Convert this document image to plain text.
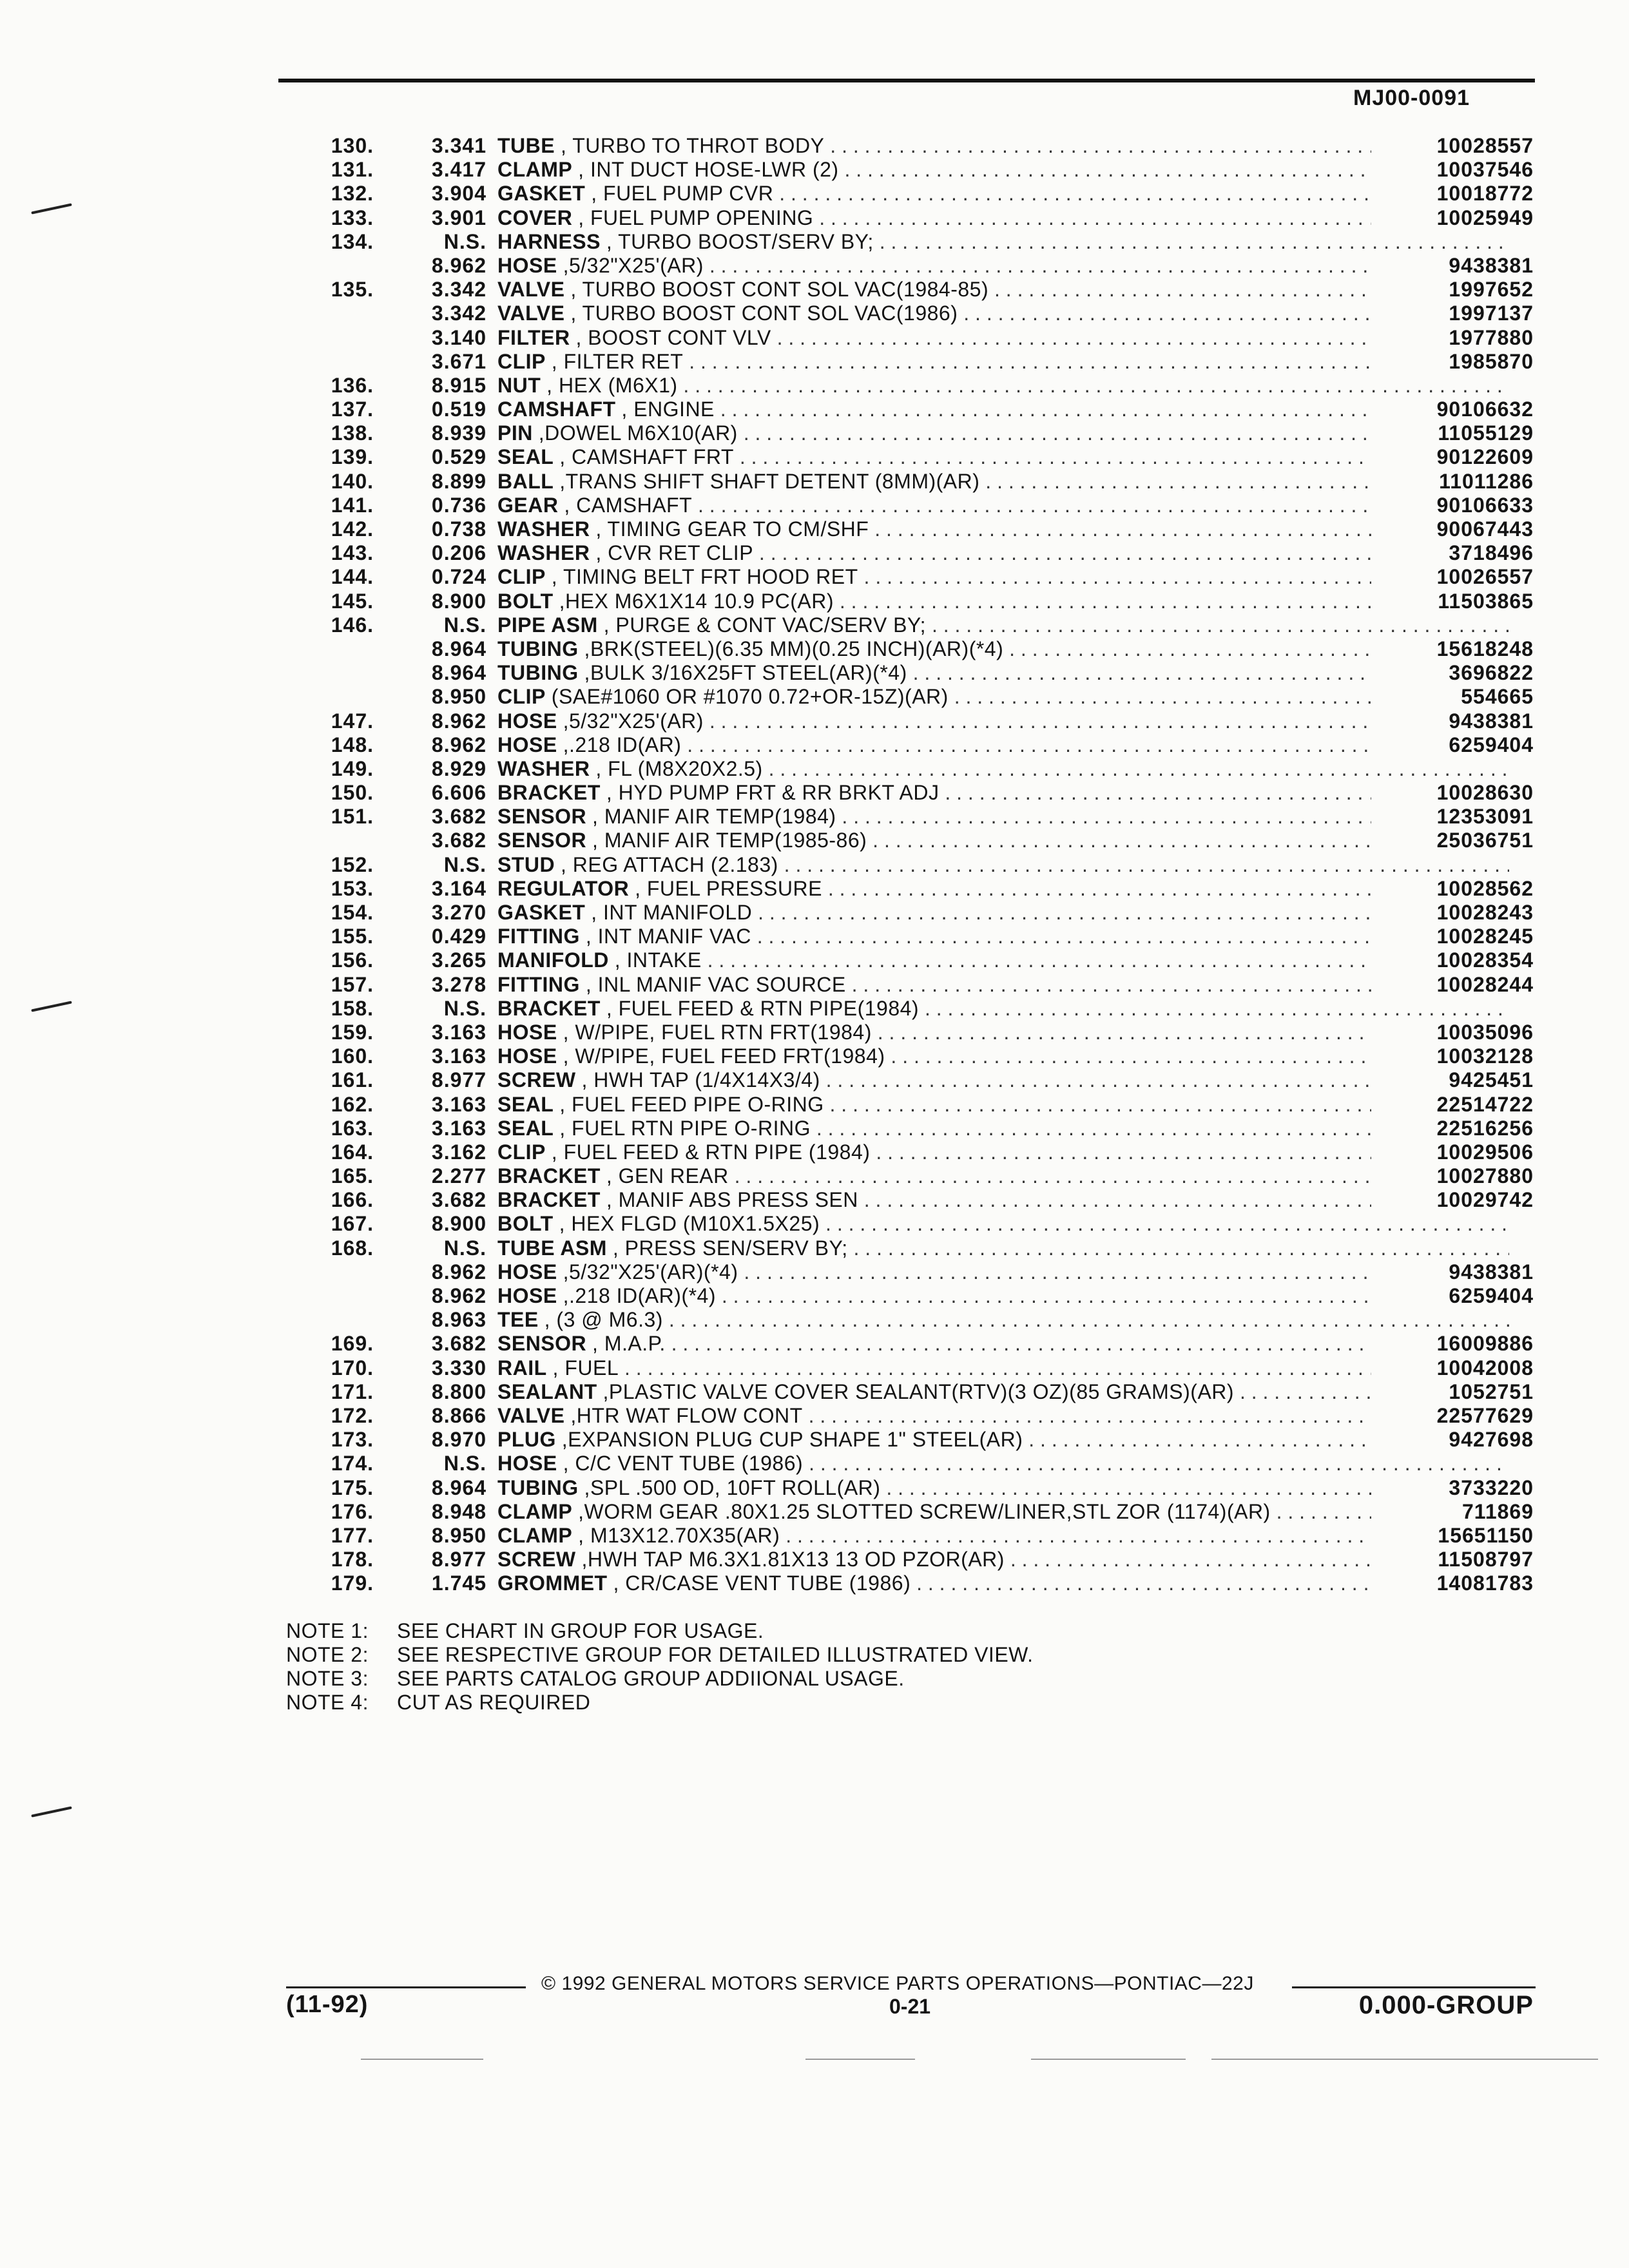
MJ00-0091
130.	3.341 TUBE , TURBO TO THROT BODY . . .	10028557
131.	3.417 CLAMP , INT DUCT HOSE-LWR (2) . . .	10037546
132.	3.904 GASKET , FUEL PUMP CVR . . .	10018772
133.	3.901 COVER , FUEL PUMP OPENING . . .	10025949
134.	N.S. HARNESS , TURBO BOOST/SERV BY; . . .
8.962 HOSE ,5/32"X25'(AR) . . .	9438381
135.	3.342 VALVE , TURBO BOOST CONT SOL VAC(1984-85) . . .	1997652
3.342 VALVE , TURBO BOOST CONT SOL VAC(1986) . . .	1997137
3.140 FILTER , BOOST CONT VLV . . .	1977880
3.671 CLIP , FILTER RET . . .	1985870
136.	8.915 NUT , HEX (M6X1) . . .
137.	0.519 CAMSHAFT , ENGINE . . .	90106632
138.	8.939 PIN ,DOWEL M6X10(AR) . . .	11055129
139.	0.529 SEAL , CAMSHAFT FRT . . .	90122609
140.	8.899 BALL ,TRANS SHIFT SHAFT DETENT (8MM)(AR) . . .	11011286
141.	0.736 GEAR , CAMSHAFT . . .	90106633
142.	0.738 WASHER , TIMING GEAR TO CM/SHF . . .	90067443
143.	0.206 WASHER , CVR RET CLIP . . .	3718496
144.	0.724 CLIP , TIMING BELT FRT HOOD RET . . .	10026557
145.	8.900 BOLT ,HEX M6X1X14 10.9 PC(AR) . . .	11503865
146.	N.S. PIPE ASM , PURGE & CONT VAC/SERV BY; . . .
8.964 TUBING ,BRK(STEEL)(6.35 MM)(0.25 INCH)(AR)(*4) . . .	15618248
8.964 TUBING ,BULK 3/16X25FT STEEL(AR)(*4) . . .	3696822
8.950 CLIP (SAE#1060 OR #1070 0.72+OR-15Z)(AR) . . .	554665
147.	8.962 HOSE ,5/32"X25'(AR) . . .	9438381
148.	8.962 HOSE ,.218 ID(AR) . . .	6259404
149.	8.929 WASHER , FL (M8X20X2.5) . . .
150.	6.606 BRACKET , HYD PUMP FRT & RR BRKT ADJ . . .	10028630
151.	3.682 SENSOR , MANIF AIR TEMP(1984) . . .	12353091
3.682 SENSOR , MANIF AIR TEMP(1985-86) . . .	25036751
152.	N.S. STUD , REG ATTACH (2.183) . . .
153.	3.164 REGULATOR , FUEL PRESSURE . . .	10028562
154.	3.270 GASKET , INT MANIFOLD . . .	10028243
155.	0.429 FITTING , INT MANIF VAC . . .	10028245
156.	3.265 MANIFOLD , INTAKE . . .	10028354
157.	3.278 FITTING , INL MANIF VAC SOURCE . . .	10028244
158.	N.S. BRACKET , FUEL FEED & RTN PIPE(1984) . . .
159.	3.163 HOSE , W/PIPE, FUEL RTN FRT(1984) . . .	10035096
160.	3.163 HOSE , W/PIPE, FUEL FEED FRT(1984) . . .	10032128
161.	8.977 SCREW , HWH TAP (1/4X14X3/4) . . .	9425451
162.	3.163 SEAL , FUEL FEED PIPE O-RING . . .	22514722
163.	3.163 SEAL , FUEL RTN PIPE O-RING . . .	22516256
164.	3.162 CLIP , FUEL FEED & RTN PIPE (1984) . . .	10029506
165.	2.277 BRACKET , GEN REAR . . .	10027880
166.	3.682 BRACKET , MANIF ABS PRESS SEN . . .	10029742
167.	8.900 BOLT , HEX FLGD (M10X1.5X25) . . .
168.	N.S. TUBE ASM , PRESS SEN/SERV BY; . . .
8.962 HOSE ,5/32"X25'(AR)(*4) . . .	9438381
8.962 HOSE ,.218 ID(AR)(*4) . . .	6259404
8.963 TEE , (3 @ M6.3) . . .
169.	3.682 SENSOR , M.A.P. . . .	16009886
170.	3.330 RAIL , FUEL . . .	10042008
171.	8.800 SEALANT ,PLASTIC VALVE COVER SEALANT(RTV)(3 OZ)(85 GRAMS)(AR) . . .	1052751
172.	8.866 VALVE ,HTR WAT FLOW CONT . . .	22577629
173.	8.970 PLUG ,EXPANSION PLUG CUP SHAPE 1" STEEL(AR) . . .	9427698
174.	N.S. HOSE , C/C VENT TUBE (1986) . . .
175.	8.964 TUBING ,SPL .500 OD, 10FT ROLL(AR) . . .	3733220
176.	8.948 CLAMP ,WORM GEAR .80X1.25 SLOTTED SCREW/LINER,STL ZOR (1174)(AR) . . .	711869
177.	8.950 CLAMP , M13X12.70X35(AR) . . .	15651150
178.	8.977 SCREW ,HWH TAP M6.3X1.81X13 13 OD PZOR(AR) . . .	11508797
179.	1.745 GROMMET , CR/CASE VENT TUBE (1986) . . .	14081783
NOTE 1: SEE CHART IN GROUP FOR USAGE.
NOTE 2: SEE RESPECTIVE GROUP FOR DETAILED ILLUSTRATED VIEW.
NOTE 3: SEE PARTS CATALOG GROUP ADDIIONAL USAGE.
NOTE 4: CUT AS REQUIRED
© 1992 GENERAL MOTORS SERVICE PARTS OPERATIONS—PONTIAC—22J
(11-92)	0-21	0.000-GROUP
